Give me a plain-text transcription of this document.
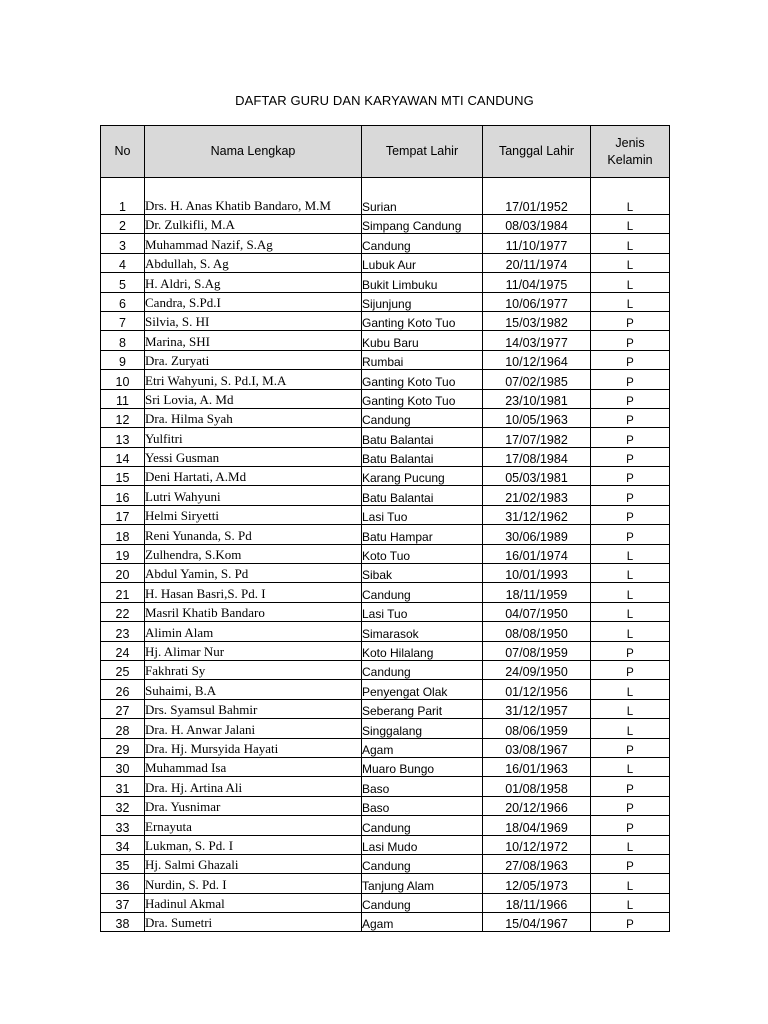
DAFTAR GURU DAN KARYAWAN MTI CANDUNG
No	Nama Lengkap	Tempat Lahir	Tanggal Lahir	Jenis Kelamin
1	Drs. H. Anas Khatib Bandaro, M.M	Surian	17/01/1952	L
2	Dr. Zulkifli, M.A	Simpang Candung	08/03/1984	L
3	Muhammad Nazif, S.Ag	Candung	11/10/1977	L
4	Abdullah, S. Ag	Lubuk Aur	20/11/1974	L
5	H. Aldri, S.Ag	Bukit Limbuku	11/04/1975	L
6	Candra, S.Pd.I	Sijunjung	10/06/1977	L
7	Silvia, S. HI	Ganting Koto Tuo	15/03/1982	P
8	Marina, SHI	Kubu Baru	14/03/1977	P
9	Dra. Zuryati	Rumbai	10/12/1964	P
10	Etri Wahyuni, S. Pd.I, M.A	Ganting Koto Tuo	07/02/1985	P
11	Sri Lovia, A. Md	Ganting Koto Tuo	23/10/1981	P
12	Dra. Hilma Syah	Candung	10/05/1963	P
13	Yulfitri	Batu Balantai	17/07/1982	P
14	Yessi Gusman	Batu Balantai	17/08/1984	P
15	Deni Hartati, A.Md	Karang Pucung	05/03/1981	P
16	Lutri Wahyuni	Batu Balantai	21/02/1983	P
17	Helmi Siryetti	Lasi Tuo	31/12/1962	P
18	Reni Yunanda, S. Pd	Batu Hampar	30/06/1989	P
19	Zulhendra, S.Kom	Koto Tuo	16/01/1974	L
20	Abdul Yamin, S. Pd	Sibak	10/01/1993	L
21	H. Hasan Basri,S. Pd. I	Candung	18/11/1959	L
22	Masril Khatib Bandaro	Lasi Tuo	04/07/1950	L
23	Alimin Alam	Simarasok	08/08/1950	L
24	Hj. Alimar Nur	Koto Hilalang	07/08/1959	P
25	Fakhrati Sy	Candung	24/09/1950	P
26	Suhaimi, B.A	Penyengat Olak	01/12/1956	L
27	Drs. Syamsul Bahmir	Seberang Parit	31/12/1957	L
28	Dra. H. Anwar Jalani	Singgalang	08/06/1959	L
29	Dra. Hj. Mursyida Hayati	Agam	03/08/1967	P
30	Muhammad Isa	Muaro Bungo	16/01/1963	L
31	Dra. Hj. Artina Ali	Baso	01/08/1958	P
32	Dra. Yusnimar	Baso	20/12/1966	P
33	Ernayuta	Candung	18/04/1969	P
34	Lukman, S. Pd. I	Lasi Mudo	10/12/1972	L
35	Hj. Salmi Ghazali	Candung	27/08/1963	P
36	Nurdin, S. Pd. I	Tanjung Alam	12/05/1973	L
37	Hadinul Akmal	Candung	18/11/1966	L
38	Dra. Sumetri	Agam	15/04/1967	P
